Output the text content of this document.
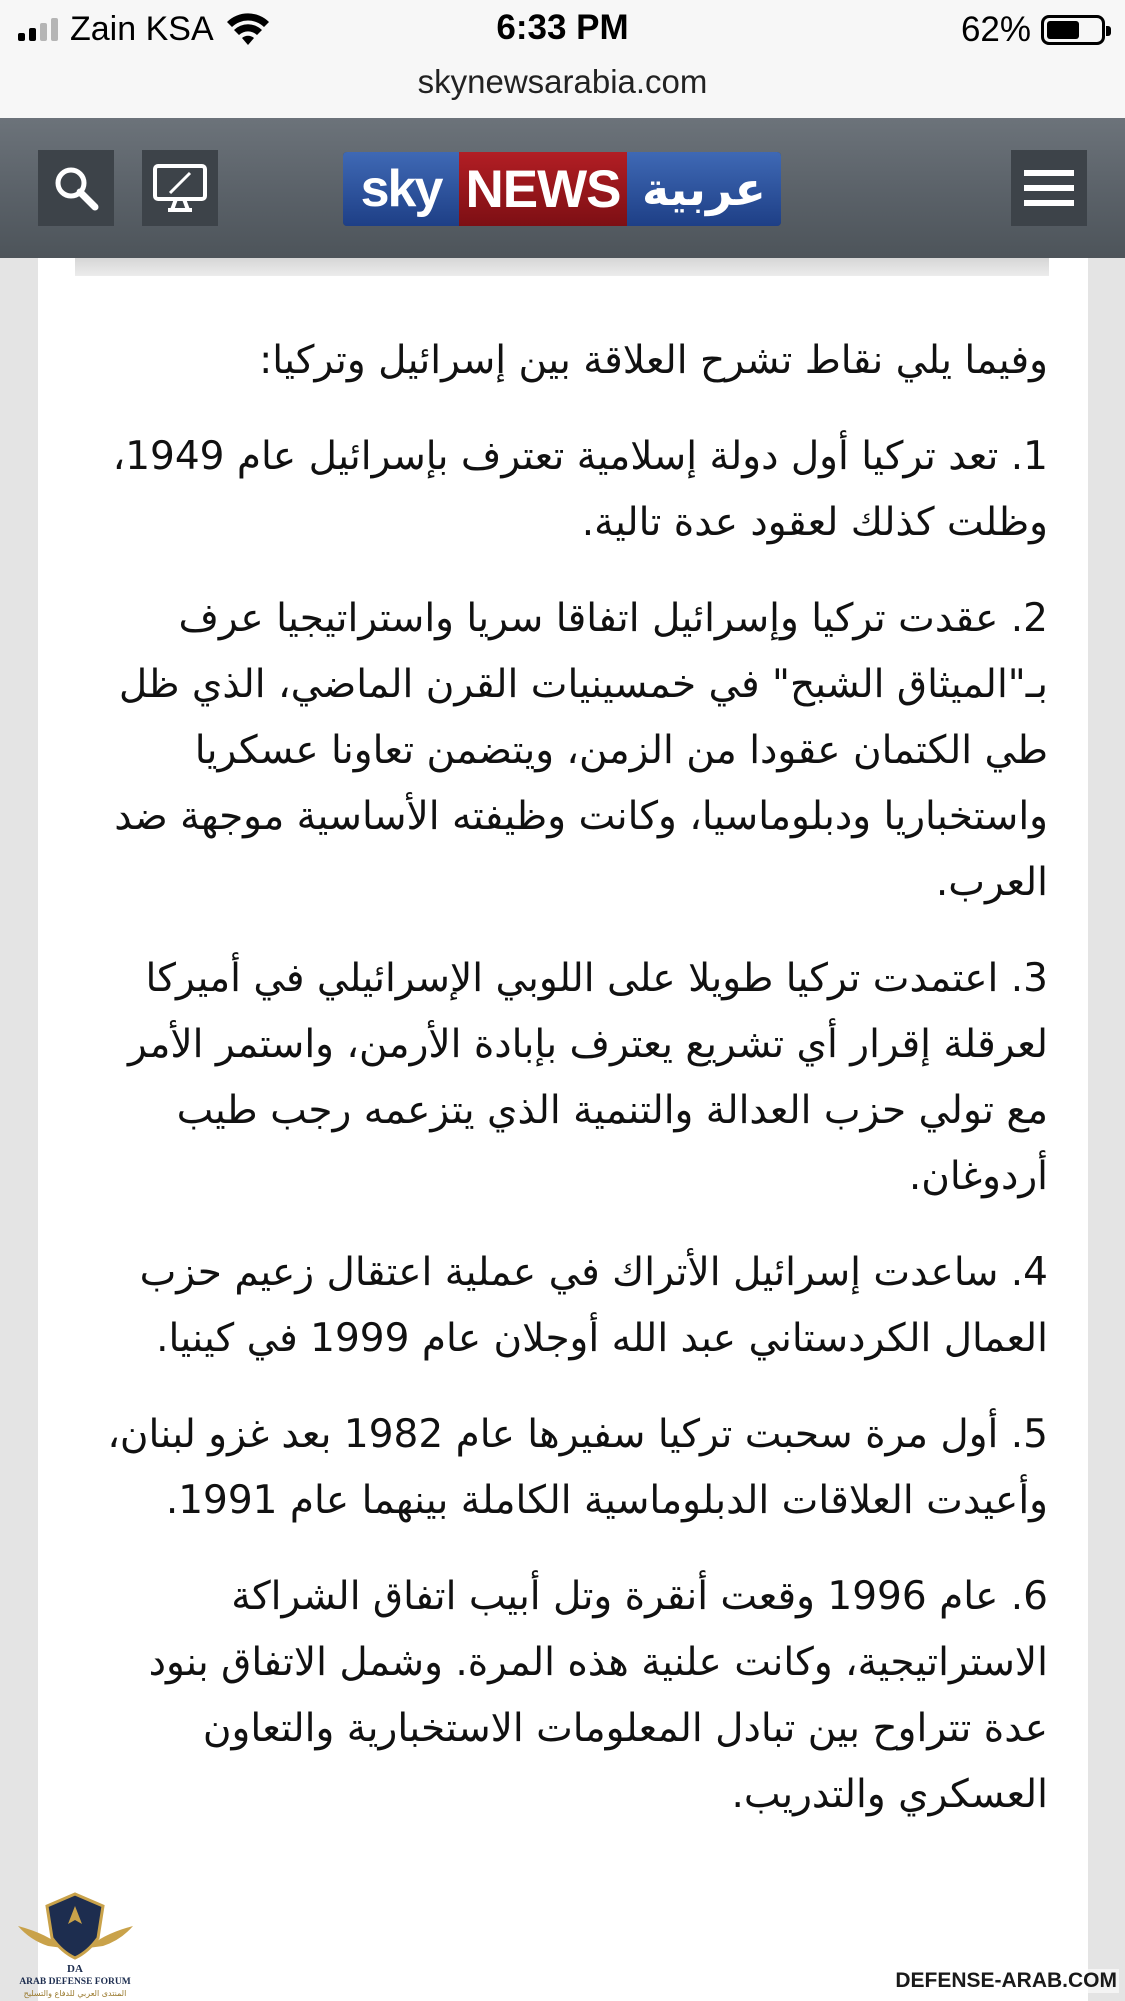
Zain KSA	6:33 PM	62%
skynewsarabia.com
sky NEWS عربية

وفيما يلي نقاط تشرح العلاقة بين إسرائيل وتركيا:

1. تعد تركيا أول دولة إسلامية تعترف بإسرائيل عام 1949، وظلت كذلك لعقود عدة تالية.

2. عقدت تركيا وإسرائيل اتفاقا سريا واستراتيجيا عرف بـ"الميثاق الشبح" في خمسينيات القرن الماضي، الذي ظل طي الكتمان عقودا من الزمن، ويتضمن تعاونا عسكريا واستخباريا ودبلوماسيا، وكانت وظيفته الأساسية موجهة ضد العرب.

3. اعتمدت تركيا طويلا على اللوبي الإسرائيلي في أميركا لعرقلة إقرار أي تشريع يعترف بإبادة الأرمن، واستمر الأمر مع تولي حزب العدالة والتنمية الذي يتزعمه رجب طيب أردوغان.

4. ساعدت إسرائيل الأتراك في عملية اعتقال زعيم حزب العمال الكردستاني عبد الله أوجلان عام 1999 في كينيا.

5. أول مرة سحبت تركيا سفيرها عام 1982 بعد غزو لبنان، وأعيدت العلاقات الدبلوماسية الكاملة بينهما عام 1991.

6. عام 1996 وقعت أنقرة وتل أبيب اتفاق الشراكة الاستراتيجية، وكانت علنية هذه المرة. وشمل الاتفاق بنود عدة تتراوح بين تبادل المعلومات الاستخبارية والتعاون العسكري والتدريب.

DA
ARAB DEFENSE FORUM
المنتدى العربي للدفاع والتسليح
DEFENSE-ARAB.COM
